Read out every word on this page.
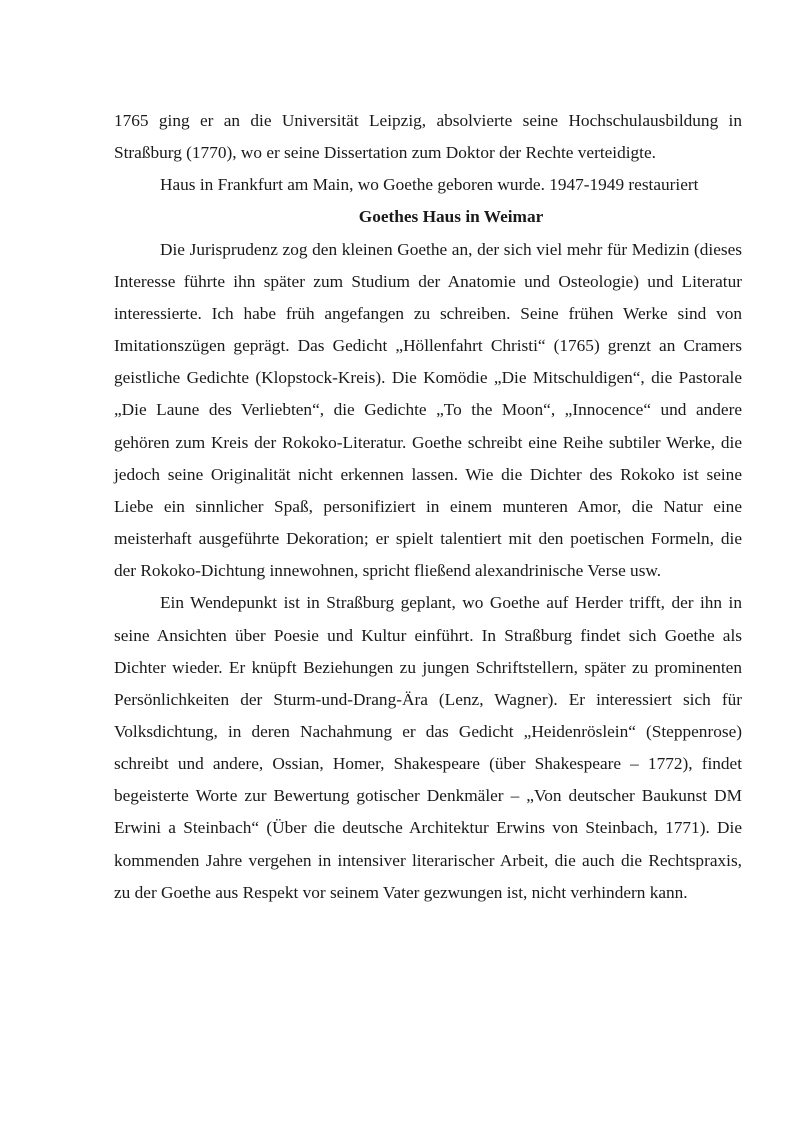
1765 ging er an die Universität Leipzig, absolvierte seine Hochschulausbildung in Straßburg (1770), wo er seine Dissertation zum Doktor der Rechte verteidigte.

Haus in Frankfurt am Main, wo Goethe geboren wurde. 1947-1949 restauriert

Goethes Haus in Weimar

Die Jurisprudenz zog den kleinen Goethe an, der sich viel mehr für Medizin (dieses Interesse führte ihn später zum Studium der Anatomie und Osteologie) und Literatur interessierte. Ich habe früh angefangen zu schreiben. Seine frühen Werke sind von Imitationszügen geprägt. Das Gedicht „Höllenfahrt Christi“ (1765) grenzt an Cramers geistliche Gedichte (Klopstock-Kreis). Die Komödie „Die Mitschuldigen“, die Pastorale „Die Laune des Verliebten“, die Gedichte „To the Moon“, „Innocence“ und andere gehören zum Kreis der Rokoko-Literatur. Goethe schreibt eine Reihe subtiler Werke, die jedoch seine Originalität nicht erkennen lassen. Wie die Dichter des Rokoko ist seine Liebe ein sinnlicher Spaß, personifiziert in einem munteren Amor, die Natur eine meisterhaft ausgeführte Dekoration; er spielt talentiert mit den poetischen Formeln, die der Rokoko-Dichtung innewohnen, spricht fließend alexandrinische Verse usw.

Ein Wendepunkt ist in Straßburg geplant, wo Goethe auf Herder trifft, der ihn in seine Ansichten über Poesie und Kultur einführt. In Straßburg findet sich Goethe als Dichter wieder. Er knüpft Beziehungen zu jungen Schriftstellern, später zu prominenten Persönlichkeiten der Sturm-und-Drang-Ära (Lenz, Wagner). Er interessiert sich für Volksdichtung, in deren Nachahmung er das Gedicht „Heidenröslein“ (Steppenrose) schreibt und andere, Ossian, Homer, Shakespeare (über Shakespeare – 1772), findet begeisterte Worte zur Bewertung gotischer Denkmäler – „Von deutscher Baukunst DM Erwini a Steinbach“ (Über die deutsche Architektur Erwins von Steinbach, 1771). Die kommenden Jahre vergehen in intensiver literarischer Arbeit, die auch die Rechtspraxis, zu der Goethe aus Respekt vor seinem Vater gezwungen ist, nicht verhindern kann.
